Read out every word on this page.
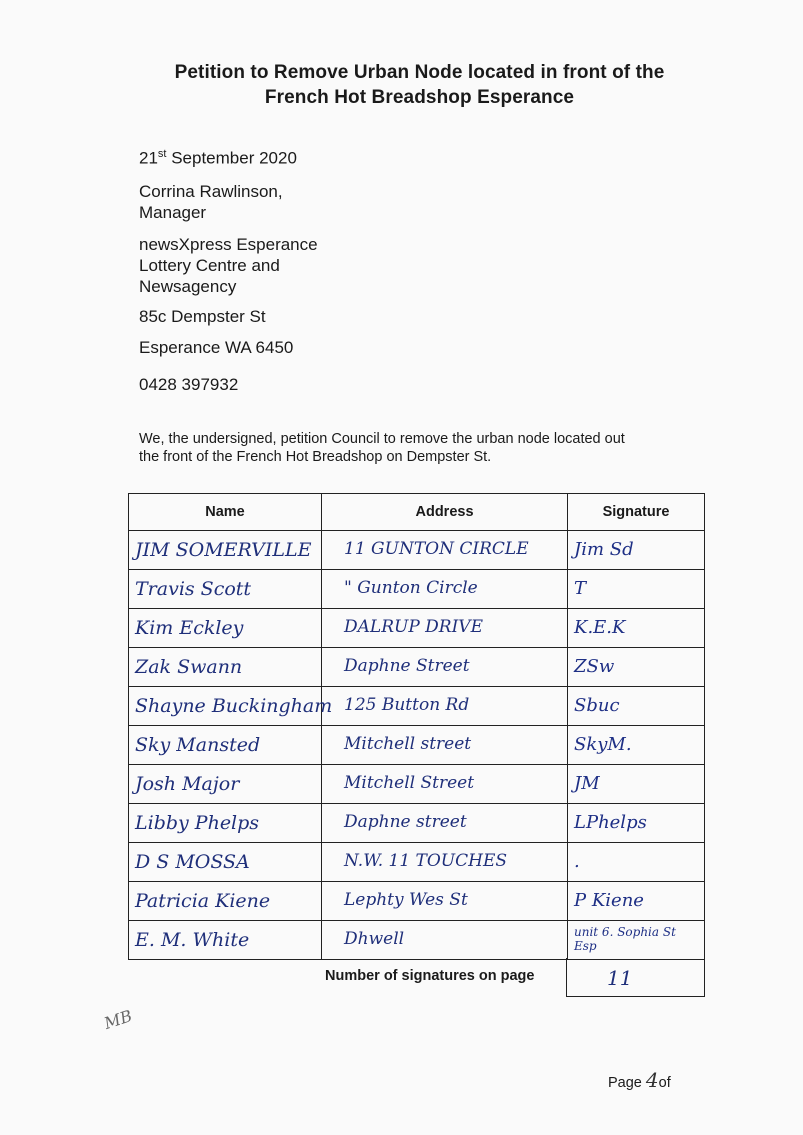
Petition to Remove Urban Node located in front of the
French Hot Breadshop Esperance
21st September 2020
Corrina Rawlinson,
Manager
newsXpress Esperance
Lottery Centre and
Newsagency
85c Dempster St
Esperance WA 6450
0428 397932
We, the undersigned, petition Council to remove the urban node located out
the front of the French Hot Breadshop on Dempster St.
Name	Address	Signature

JIM SOMERVILLE	11 GUNTON CIRCLE	Jim Sd

Travis Scott	" Gunton Circle	T

Kim Eckley	DALRUP DRIVE	K.E.K

Zak Swann	Daphne Street	ZSw

Shayne Buckingham	125 Button Rd	Sbuc

Sky Mansted	Mitchell street	SkyM.

Josh Major	Mitchell Street	JM

Libby Phelps	Daphne street	LPhelps

D S MOSSA	N.W. 11 TOUCHES	.

Patricia Kiene	Lephty Wes St	P Kiene

E. M. White	Dhwell	unit 6. Sophia St Esp
Number of signatures on page	11
MB
Page 4of
